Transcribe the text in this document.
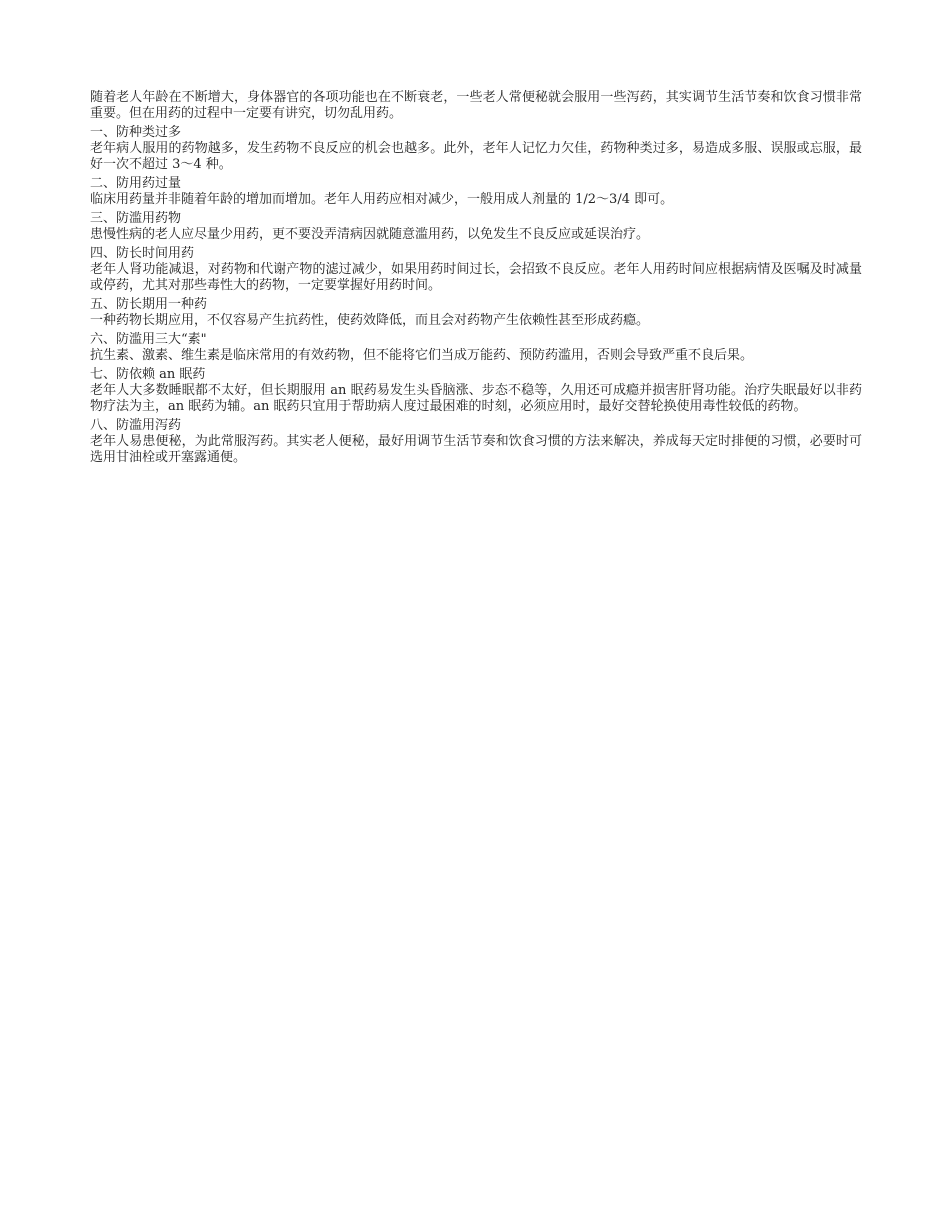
随着老人年龄在不断增大，身体器官的各项功能也在不断衰老，一些老人常便秘就会服用一些泻药，其实调节生活节奏和饮食习惯非常重要。但在用药的过程中一定要有讲究，切勿乱用药。

一、防种类过多

老年病人服用的药物越多，发生药物不良反应的机会也越多。此外，老年人记忆力欠佳，药物种类过多，易造成多服、误服或忘服，最好一次不超过 3～4 种。

二、防用药过量

临床用药量并非随着年龄的增加而增加。老年人用药应相对减少，一般用成人剂量的 1/2～3/4 即可。

三、防滥用药物

患慢性病的老人应尽量少用药，更不要没弄清病因就随意滥用药，以免发生不良反应或延误治疗。

四、防长时间用药

老年人肾功能减退，对药物和代谢产物的滤过减少，如果用药时间过长，会招致不良反应。老年人用药时间应根据病情及医嘱及时减量或停药，尤其对那些毒性大的药物，一定要掌握好用药时间。

五、防长期用一种药

一种药物长期应用，不仅容易产生抗药性，使药效降低，而且会对药物产生依赖性甚至形成药瘾。

六、防滥用三大“素"

抗生素、激素、维生素是临床常用的有效药物，但不能将它们当成万能药、预防药滥用，否则会导致严重不良后果。

七、防依赖 an 眠药

老年人大多数睡眠都不太好，但长期服用 an 眠药易发生头昏脑涨、步态不稳等，久用还可成瘾并损害肝肾功能。治疗失眠最好以非药物疗法为主，an 眠药为辅。an 眠药只宜用于帮助病人度过最困难的时刻，必须应用时，最好交替轮换使用毒性较低的药物。

八、防滥用泻药

老年人易患便秘，为此常服泻药。其实老人便秘，最好用调节生活节奏和饮食习惯的方法来解决，养成每天定时排便的习惯，必要时可选用甘油栓或开塞露通便。
